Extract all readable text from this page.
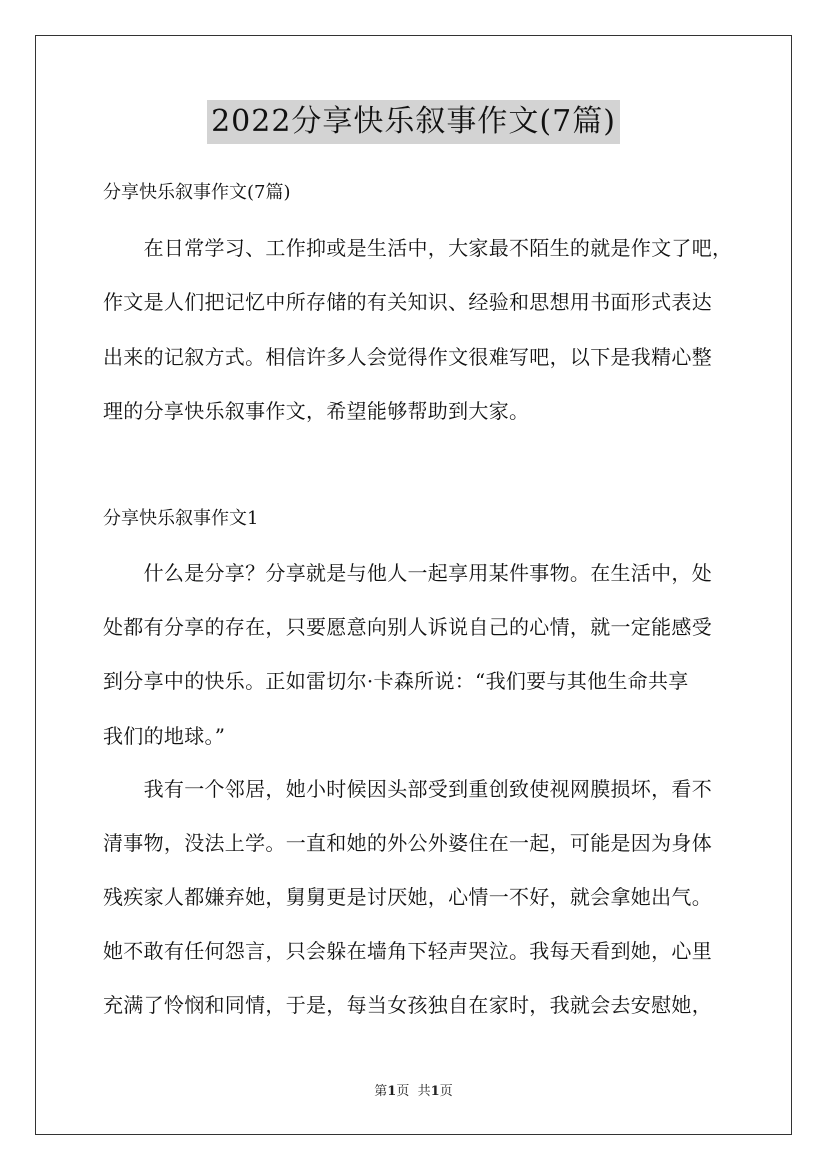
2022分享快乐叙事作文(7篇)
分享快乐叙事作文(7篇)
　　在日常学习、工作抑或是生活中，大家最不陌生的就是作文了吧，
作文是人们把记忆中所存储的有关知识、经验和思想用书面形式表达
出来的记叙方式。相信许多人会觉得作文很难写吧，以下是我精心整
理的分享快乐叙事作文，希望能够帮助到大家。
分享快乐叙事作文1
　　什么是分享？分享就是与他人一起享用某件事物。在生活中，处
处都有分享的存在，只要愿意向别人诉说自己的心情，就一定能感受
到分享中的快乐。正如雷切尔·卡森所说：“我们要与其他生命共享
我们的地球。”
　　我有一个邻居，她小时候因头部受到重创致使视网膜损坏，看不
清事物，没法上学。一直和她的外公外婆住在一起，可能是因为身体
残疾家人都嫌弃她，舅舅更是讨厌她，心情一不好，就会拿她出气。
她不敢有任何怨言，只会躲在墙角下轻声哭泣。我每天看到她，心里
充满了怜悯和同情，于是，每当女孩独自在家时，我就会去安慰她，
第1页 共1页
